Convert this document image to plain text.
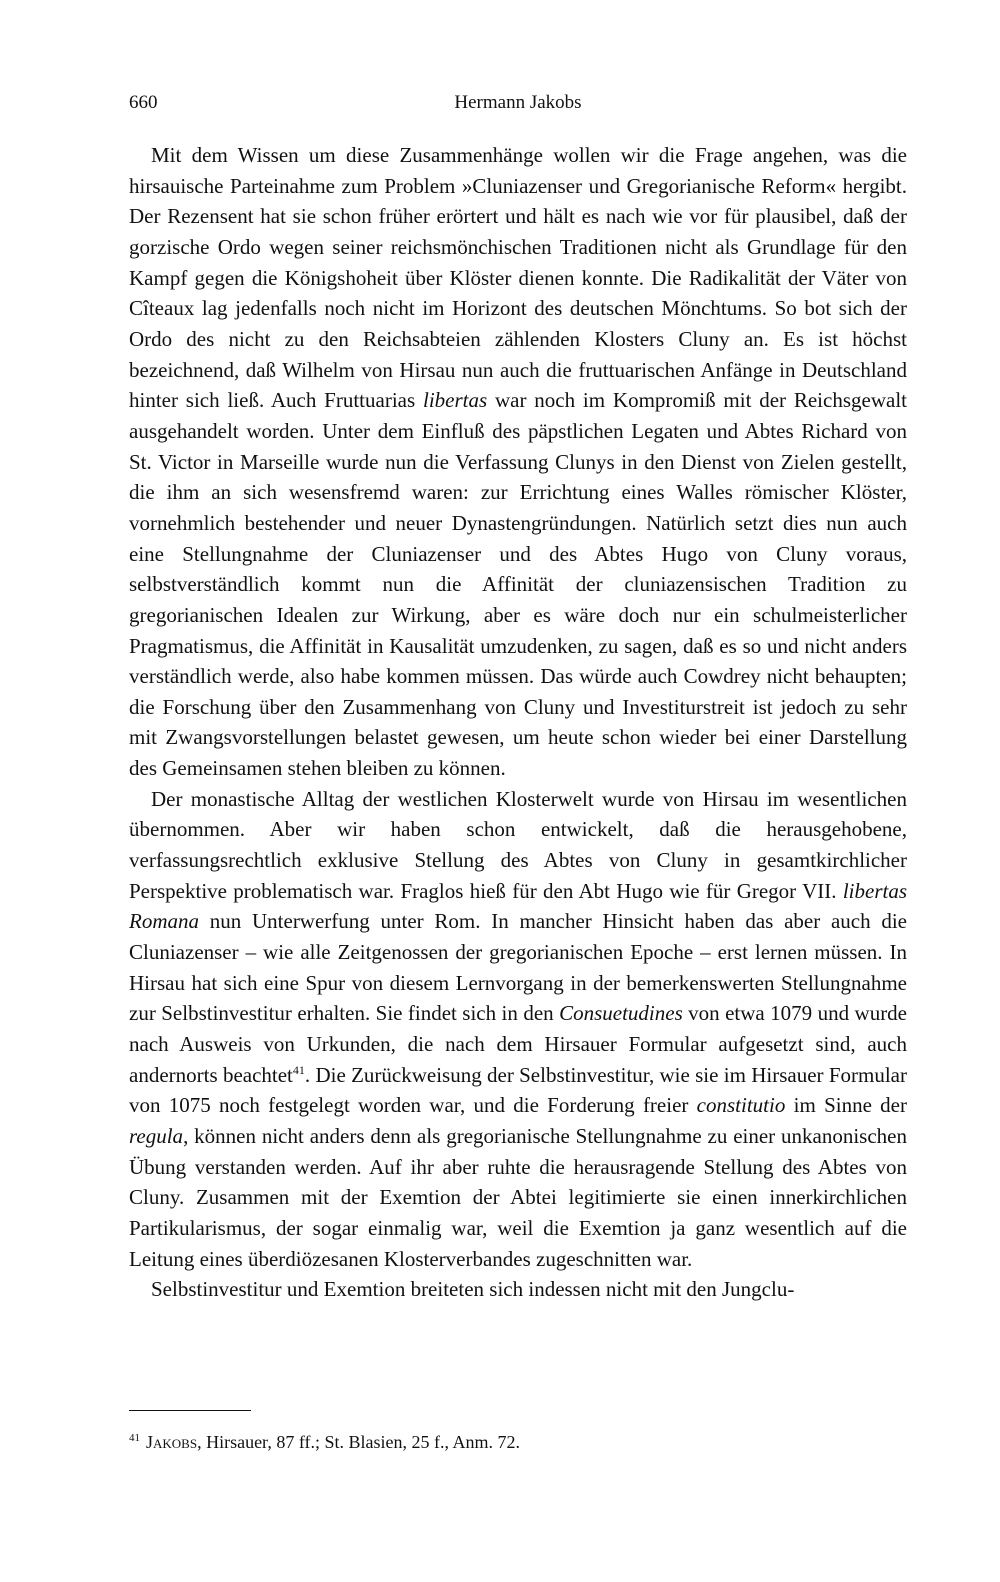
660	Hermann Jakobs

Mit dem Wissen um diese Zusammenhänge wollen wir die Frage angehen, was die hirsauische Parteinahme zum Problem »Cluniazenser und Gregorianische Reform« hergibt. Der Rezensent hat sie schon früher erörtert und hält es nach wie vor für plausibel, daß der gorzische Ordo wegen seiner reichsmönchischen Traditionen nicht als Grundlage für den Kampf gegen die Königshoheit über Klöster dienen konnte. Die Radikalität der Väter von Cîteaux lag jedenfalls noch nicht im Horizont des deutschen Mönchtums. So bot sich der Ordo des nicht zu den Reichsabteien zählenden Klosters Cluny an. Es ist höchst bezeichnend, daß Wilhelm von Hirsau nun auch die fruttuarischen Anfänge in Deutschland hinter sich ließ. Auch Fruttuarias libertas war noch im Kompromiß mit der Reichsgewalt ausgehandelt worden. Unter dem Einfluß des päpstlichen Legaten und Abtes Richard von St. Victor in Marseille wurde nun die Verfassung Clunys in den Dienst von Zielen gestellt, die ihm an sich wesensfremd waren: zur Errichtung eines Walles römischer Klöster, vornehmlich bestehender und neuer Dynastengründungen. Natürlich setzt dies nun auch eine Stellungnahme der Cluniazenser und des Abtes Hugo von Cluny voraus, selbstverständlich kommt nun die Affinität der cluniazensischen Tradition zu gregorianischen Idealen zur Wirkung, aber es wäre doch nur ein schulmeisterlicher Pragmatismus, die Affinität in Kausalität umzudenken, zu sagen, daß es so und nicht anders verständlich werde, also habe kommen müssen. Das würde auch Cowdrey nicht behaupten; die Forschung über den Zusammenhang von Cluny und Investiturstreit ist jedoch zu sehr mit Zwangsvorstellungen belastet gewesen, um heute schon wieder bei einer Darstellung des Gemeinsamen stehen bleiben zu können.

Der monastische Alltag der westlichen Klosterwelt wurde von Hirsau im wesentlichen übernommen. Aber wir haben schon entwickelt, daß die herausgehobene, verfassungsrechtlich exklusive Stellung des Abtes von Cluny in gesamtkirchlicher Perspektive problematisch war. Fraglos hieß für den Abt Hugo wie für Gregor VII. libertas Romana nun Unterwerfung unter Rom. In mancher Hinsicht haben das aber auch die Cluniazenser – wie alle Zeitgenossen der gregorianischen Epoche – erst lernen müssen. In Hirsau hat sich eine Spur von diesem Lernvorgang in der bemerkenswerten Stellungnahme zur Selbstinvestitur erhalten. Sie findet sich in den Consuetudines von etwa 1079 und wurde nach Ausweis von Urkunden, die nach dem Hirsauer Formular aufgesetzt sind, auch andernorts beachtet$^{41}$. Die Zurückweisung der Selbstinvestitur, wie sie im Hirsauer Formular von 1075 noch festgelegt worden war, und die Forderung freier constitutio im Sinne der regula, können nicht anders denn als gregorianische Stellungnahme zu einer unkanonischen Übung verstanden werden. Auf ihr aber ruhte die herausragende Stellung des Abtes von Cluny. Zusammen mit der Exemtion der Abtei legitimierte sie einen innerkirchlichen Partikularismus, der sogar einmalig war, weil die Exemtion ja ganz wesentlich auf die Leitung eines überdiözesanen Klosterverbandes zugeschnitten war.

Selbstinvestitur und Exemtion breiteten sich indessen nicht mit den Jungclu-

$^{41}$ Jakobs, Hirsauer, 87 ff.; St. Blasien, 25 f., Anm. 72.
